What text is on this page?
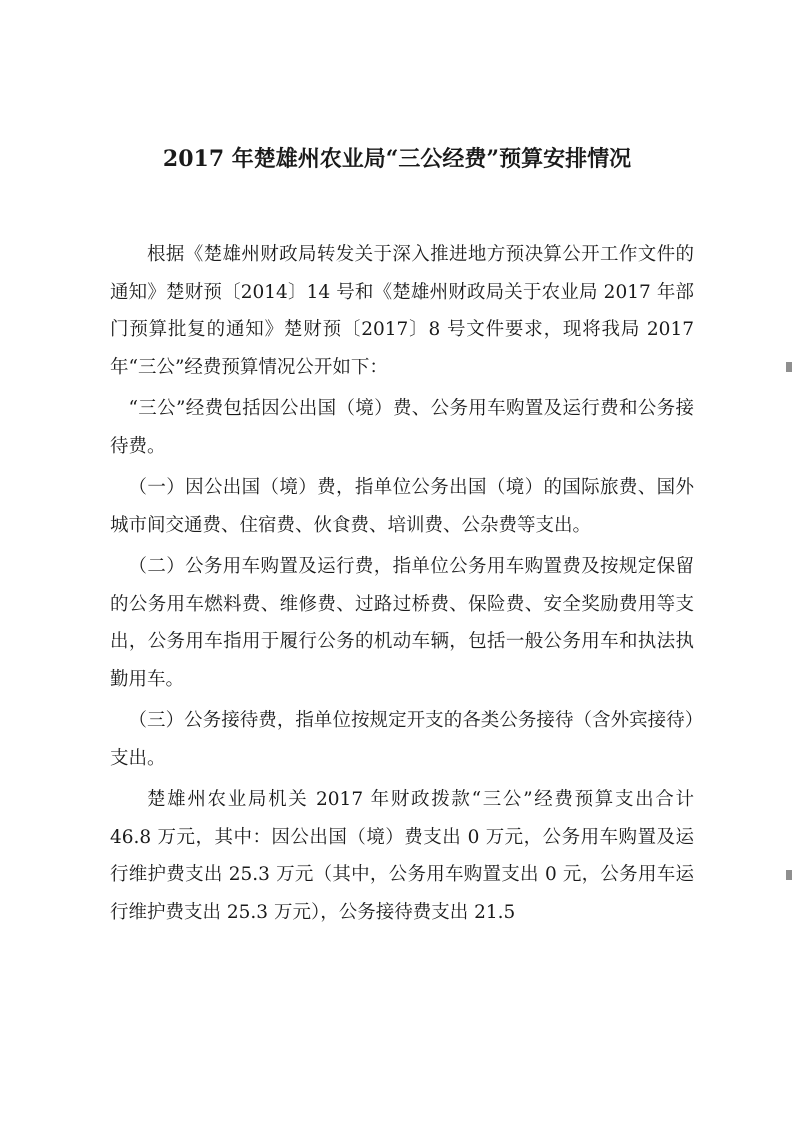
2017 年楚雄州农业局“三公经费”预算安排情况

根据《楚雄州财政局转发关于深入推进地方预决算公开工作文件的通知》楚财预〔2014〕14 号和《楚雄州财政局关于农业局 2017 年部门预算批复的通知》楚财预〔2017〕8 号文件要求，现将我局 2017 年“三公”经费预算情况公开如下：

“三公”经费包括因公出国（境）费、公务用车购置及运行费和公务接待费。

（一）因公出国（境）费，指单位公务出国（境）的国际旅费、国外城市间交通费、住宿费、伙食费、培训费、公杂费等支出。

（二）公务用车购置及运行费，指单位公务用车购置费及按规定保留的公务用车燃料费、维修费、过路过桥费、保险费、安全奖励费用等支出，公务用车指用于履行公务的机动车辆，包括一般公务用车和执法执勤用车。

（三）公务接待费，指单位按规定开支的各类公务接待（含外宾接待）支出。

楚雄州农业局机关 2017 年财政拨款“三公”经费预算支出合计 46.8 万元，其中：因公出国（境）费支出 0 万元，公务用车购置及运行维护费支出 25.3 万元（其中，公务用车购置支出 0 元，公务用车运行维护费支出 25.3 万元），公务接待费支出 21.5
